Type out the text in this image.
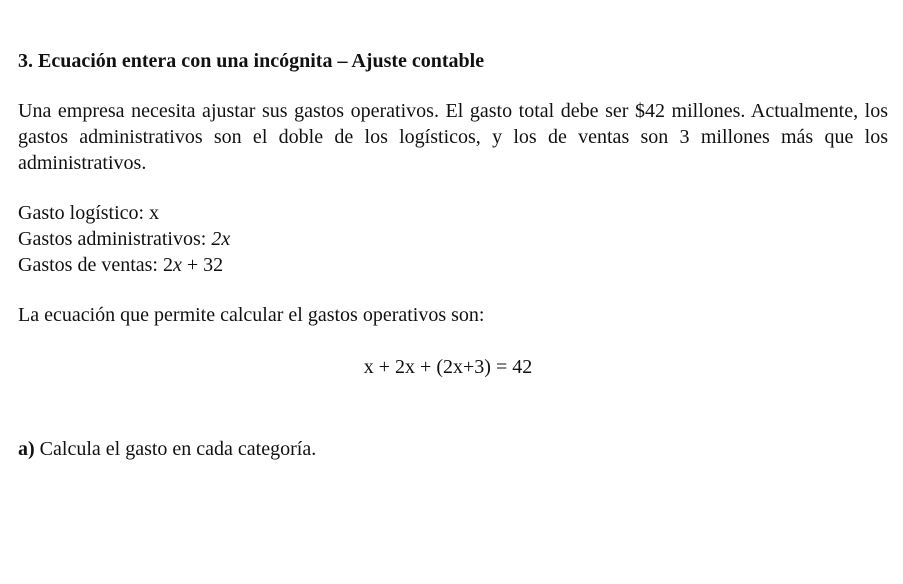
3. Ecuación entera con una incógnita – Ajuste contable
Una empresa necesita ajustar sus gastos operativos. El gasto total debe ser $42 millones. Actualmente, los gastos administrativos son el doble de los logísticos, y los de ventas son 3 millones más que los administrativos.
Gasto logístico: x
Gastos administrativos: 2x
Gastos de ventas: 2x + 32
La ecuación que permite calcular el gastos operativos son:
x + 2x + (2x+3) = 42
a) Calcula el gasto en cada categoría.
